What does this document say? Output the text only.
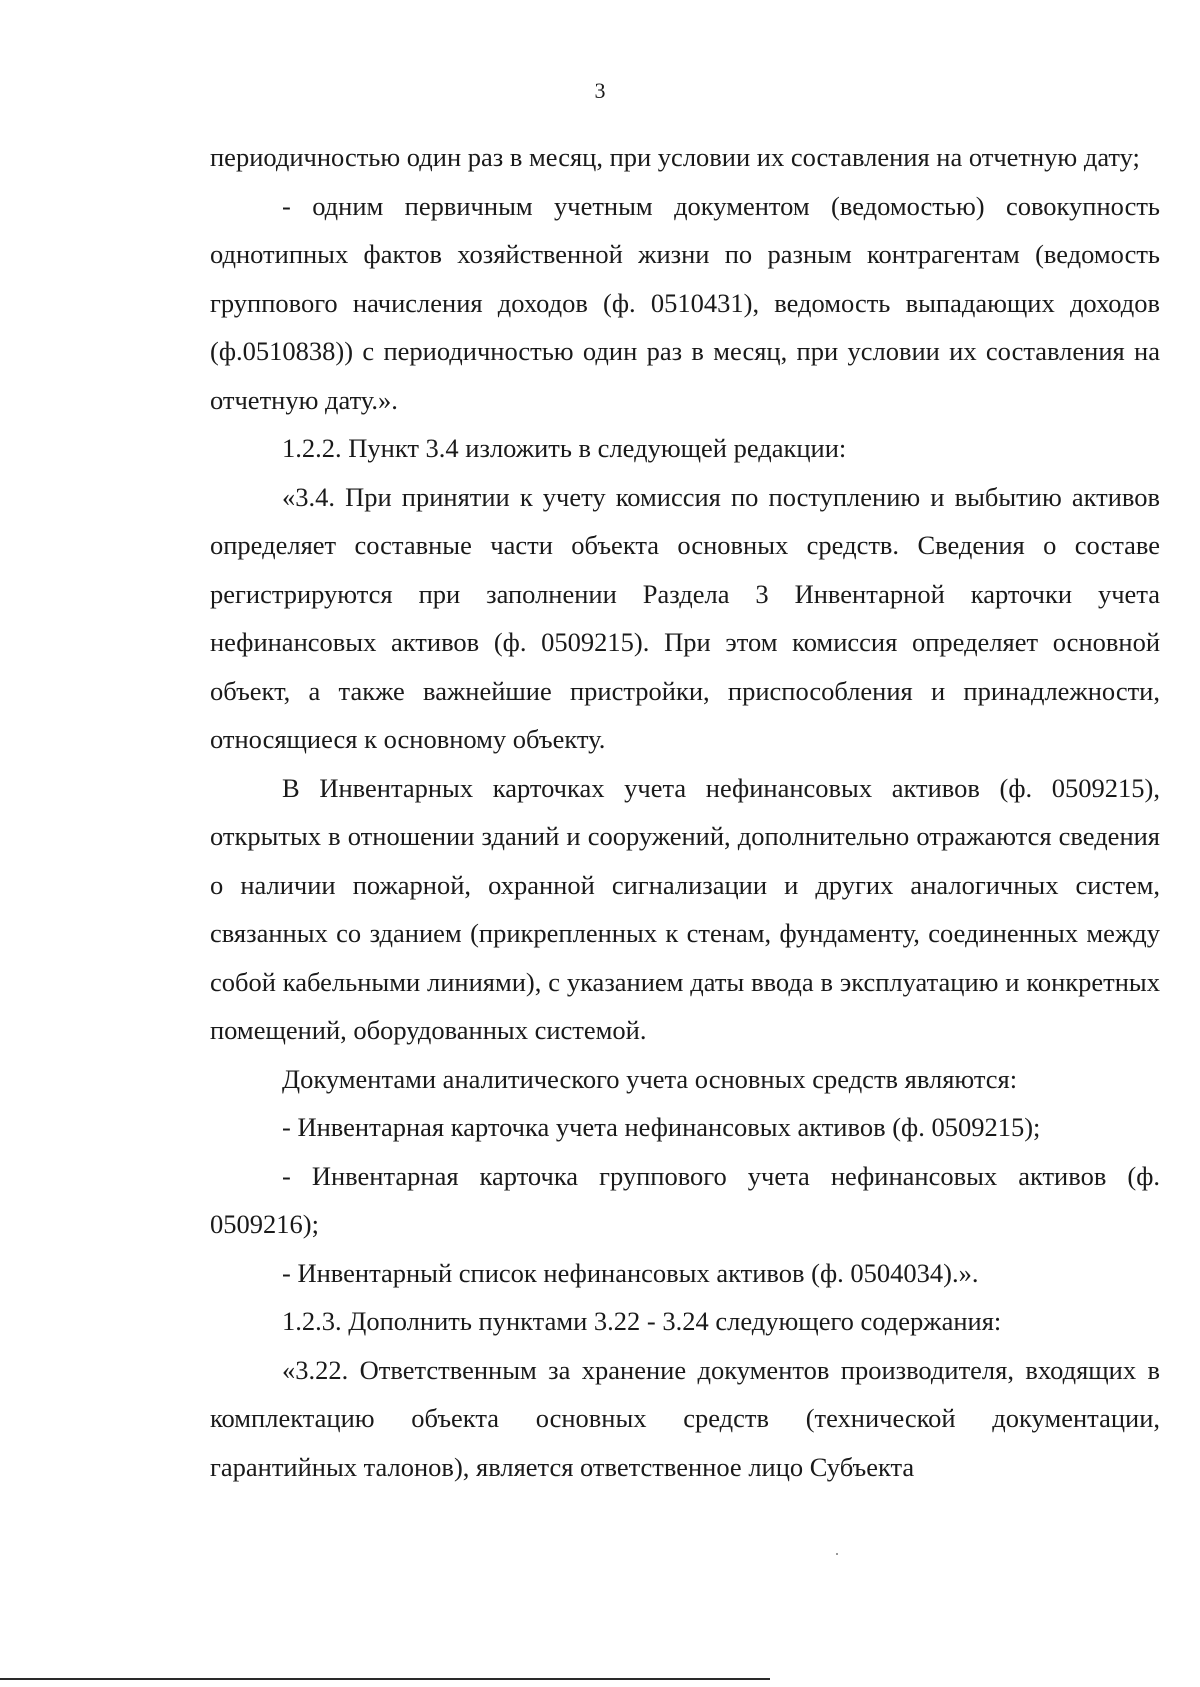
3

периодичностью один раз в месяц, при условии их составления на отчетную дату;

- одним первичным учетным документом (ведомостью) совокупность однотипных фактов хозяйственной жизни по разным контрагентам (ведомость группового начисления доходов (ф. 0510431), ведомость выпадающих доходов (ф.0510838)) с периодичностью один раз в месяц, при условии их составления на отчетную дату.».

1.2.2. Пункт 3.4 изложить в следующей редакции:

«3.4. При принятии к учету комиссия по поступлению и выбытию активов определяет составные части объекта основных средств. Сведения о составе регистрируются при заполнении Раздела 3 Инвентарной карточки учета нефинансовых активов (ф. 0509215). При этом комиссия определяет основной объект, а также важнейшие пристройки, приспособления и принадлежности, относящиеся к основному объекту.

В Инвентарных карточках учета нефинансовых активов (ф. 0509215), открытых в отношении зданий и сооружений, дополнительно отражаются сведения о наличии пожарной, охранной сигнализации и других аналогичных систем, связанных со зданием (прикрепленных к стенам, фундаменту, соединенных между собой кабельными линиями), с указанием даты ввода в эксплуатацию и конкретных помещений, оборудованных системой.

Документами аналитического учета основных средств являются:

- Инвентарная карточка учета нефинансовых активов (ф. 0509215);

- Инвентарная карточка группового учета нефинансовых активов (ф. 0509216);

- Инвентарный список нефинансовых активов (ф. 0504034).».

1.2.3. Дополнить пунктами 3.22 - 3.24 следующего содержания:

«3.22. Ответственным за хранение документов производителя, входящих в комплектацию объекта основных средств (технической документации, гарантийных талонов), является ответственное лицо Субъекта
